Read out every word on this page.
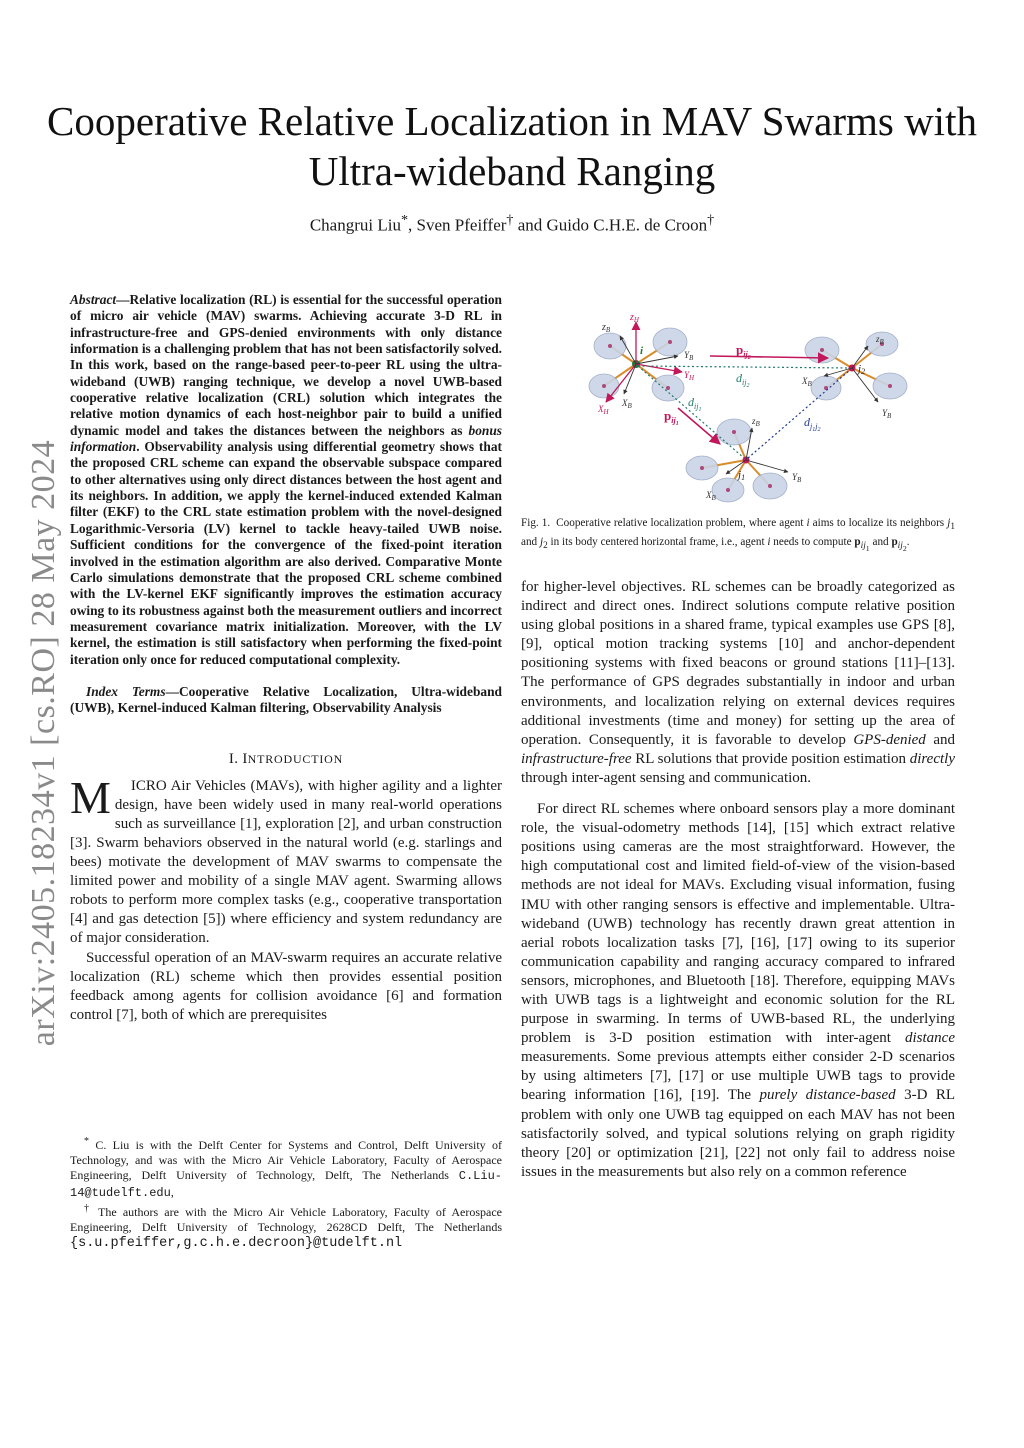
Cooperative Relative Localization in MAV Swarms with Ultra-wideband Ranging
Changrui Liu*, Sven Pfeiffer† and Guido C.H.E. de Croon†
arXiv:2405.18234v1 [cs.RO] 28 May 2024

Abstract—Relative localization (RL) is essential for the successful operation of micro air vehicle (MAV) swarms. Achieving accurate 3-D RL in infrastructure-free and GPS-denied environments with only distance information is a challenging problem that has not been satisfactorily solved. In this work, based on the range-based peer-to-peer RL using the ultra-wideband (UWB) ranging technique, we develop a novel UWB-based cooperative relative localization (CRL) solution which integrates the relative motion dynamics of each host-neighbor pair to build a unified dynamic model and takes the distances between the neighbors as bonus information. Observability analysis using differential geometry shows that the proposed CRL scheme can expand the observable subspace compared to other alternatives using only direct distances between the host agent and its neighbors. In addition, we apply the kernel-induced extended Kalman filter (EKF) to the CRL state estimation problem with the novel-designed Logarithmic-Versoria (LV) kernel to tackle heavy-tailed UWB noise. Sufficient conditions for the convergence of the fixed-point iteration involved in the estimation algorithm are also derived. Comparative Monte Carlo simulations demonstrate that the proposed CRL scheme combined with the LV-kernel EKF significantly improves the estimation accuracy owing to its robustness against both the measurement outliers and incorrect measurement covariance matrix initialization. Moreover, with the LV kernel, the estimation is still satisfactory when performing the fixed-point iteration only once for reduced computational complexity.

Index Terms—Cooperative Relative Localization, Ultra-wideband (UWB), Kernel-induced Kalman filtering, Observability Analysis

I. INTRODUCTION

M ICRO Air Vehicles (MAVs), with higher agility and a lighter design, have been widely used in many real-world operations such as surveillance [1], exploration [2], and urban construction [3]. Swarm behaviors observed in the natural world (e.g. starlings and bees) motivate the development of MAV swarms to compensate the limited power and mobility of a single MAV agent. Swarming allows robots to perform more complex tasks (e.g., cooperative transportation [4] and gas detection [5]) where efficiency and system redundancy are of major consideration.

Successful operation of an MAV-swarm requires an accurate relative localization (RL) scheme which then provides essential position feedback among agents for collision avoidance [6] and formation control [7], both of which are prerequisites

* C. Liu is with the Delft Center for Systems and Control, Delft University of Technology, and was with the Micro Air Vehicle Laboratory, Faculty of Aerospace Engineering, Delft University of Technology, Delft, The Netherlands C.Liu-14@tudelft.edu,

† The authors are with the Micro Air Vehicle Laboratory, Faculty of Aerospace Engineering, Delft University of Technology, 2628CD Delft, The Netherlands {s.u.pfeiffer,g.c.h.e.decroon}@tudelft.nl

$z_H$
$z_B$
$Y_B$
$Y_H$
$X_H$
$X_B$
i
$z_B$
$X_B$
j2
$Y_B$
$z_B$
$Y_B$
j1
$X_B$
$p_{ij}2$
$d_{ij}2$
$d_{ij}1$
$p_{ij}1$	$d_j1j2$
Fig. 1. Cooperative relative localization problem, where agent i aims to localize its neighbors $j_1$ and $j_2$ in its body centered horizontal frame, i.e., agent i needs to compute $p_{ij_1}$ and $p_{ij_2}$.

for higher-level objectives. RL schemes can be broadly categorized as indirect and direct ones. Indirect solutions compute relative position using global positions in a shared frame, typical examples use GPS [8], [9], optical motion tracking systems [10] and anchor-dependent positioning systems with fixed beacons or ground stations [11]–[13]. The performance of GPS degrades substantially in indoor and urban environments, and localization relying on external devices requires additional investments (time and money) for setting up the area of operation. Consequently, it is favorable to develop GPS-denied and infrastructure-free RL solutions that provide position estimation directly through inter-agent sensing and communication.

For direct RL schemes where onboard sensors play a more dominant role, the visual-odometry methods [14], [15] which extract relative positions using cameras are the most straightforward. However, the high computational cost and limited field-of-view of the vision-based methods are not ideal for MAVs. Excluding visual information, fusing IMU with other ranging sensors is effective and implementable. Ultra-wideband (UWB) technology has recently drawn great attention in aerial robots localization tasks [7], [16], [17] owing to its superior communication capability and ranging accuracy compared to infrared sensors, microphones, and Bluetooth [18]. Therefore, equipping MAVs with UWB tags is a lightweight and economic solution for the RL purpose in swarming. In terms of UWB-based RL, the underlying problem is 3-D position estimation with inter-agent distance measurements. Some previous attempts either consider 2-D scenarios by using altimeters [7], [17] or use multiple UWB tags to provide bearing information [16], [19]. The purely distance-based 3-D RL problem with only one UWB tag equipped on each MAV has not been satisfactorily solved, and typical solutions relying on graph rigidity theory [20] or optimization [21], [22] not only fail to address noise issues in the measurements but also rely on a common reference
